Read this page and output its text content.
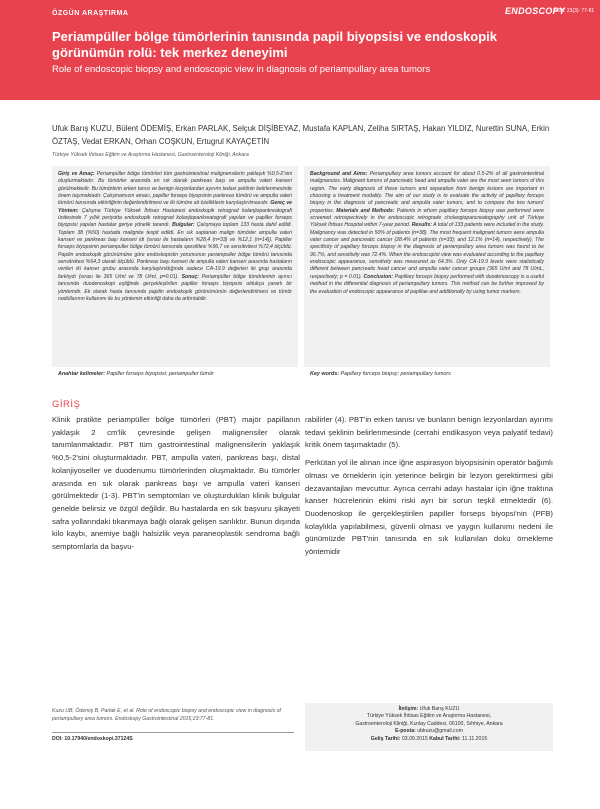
ÖZGÜN ARAŞTIRMA	ENDOSCOPY
2015; 23(3): 77-81
Periampüller bölge tümörlerinin tanısında papil biyopsisi ve endoskopik görünümün rolü: tek merkez deneyimi
Role of endoscopic biopsy and endoscopic view in diagnosis of periampullary area tumors
Ufuk Barış KUZU, Bülent ÖDEMİŞ, Erkan PARLAK, Selçuk DİŞİBEYAZ, Mustafa KAPLAN, Zeliha SIRTAŞ, Hakan YILDIZ, Nurettin SUNA, Erkin ÖZTAŞ, Vedat ERKAN, Orhan COŞKUN, Ertugrul KAYAÇETİN
Türkiye Yüksek İhtisas Eğitim ve Araştırma Hastanesi, Gastroenteroloji Kliniği, Ankara
Giriş ve Amaç: Periampüller bölge tümörleri tüm gastrointestinal malignensilerin yaklaşık %0,5-2'sini oluşturmaktadır. Bu tümörler arasında en sık olarak pankreas başı ve ampulla vateri kanseri görülmektedir. Bu tümörlerin erken tanısı ve benign lezyonlardan ayırımı tedavi şeklinin belirlenmesinde önem taşımaktadır. Çalışmamızın amacı, papiller forseps biyopsinin pankreas tümörü ve ampulla vateri tümörü tanısında etkinliğinin değerlendirilmesi ve iki tümöre ait özelliklerin karşılaştırılmasıdır. Gereç ve Yöntem: Çalışma Türkiye Yüksek İhtisas Hastanesi endoskopik retrograd kolanjiopankreatografi ünitesinde 7 yıllık periyotta endoskopik retrograd kolanjiopankreatografi yapılan ve papiller forseps biyopsisi yapılan hastalar geriye yönelik tarandı. Bulgular: Çalışmaya toplam 133 hasta dahil edildi. Toplam 38 (%50) hastada malignite tespit edildi. En sık saptanan malign tümörler ampulla vateri kanseri ve pankreas başı kanseri idi (sırası ile hastaların %28,4 (n=33) ve %12,1 (n=14)). Papiller forseps biyopsinin periampuller bölge tümörü tanısında spesifitesi %96,7 ve sensitivitesi %72,4 ölçüldü. Papilin endoskopik görünümüne göre endoskopistin yorumunun periampuller bölge tümörü tanısında sensitivitesi %64,3 olarak ölçüldü. Pankreas başı kanseri ile ampulla vateri kanseri arasında hastaların verileri iki kanser grubu arasında karşılaştırıldığında sadece CA-19.9 değerleri iki grup arasında farklıydı (sırası ile 365 U/ml ve 78 U/ml, p=0.01). Sonuç: Periampüller bölge tümörlerinin ayırıcı tanısında duodenoskopi eşliğinde gerçekleştirilen papiller forseps biyopsisi oldukça yararlı bir yöntemdir. Ek olarak hasta tanısında papilin endoskopik görünümünün değerlendirilmesi ve tümör nodüllarının kullanımı ile bu yöntemin etkinliği daha da arttırılabilir.
Background and Aims: Periampullary area tumors account for about 0.5-2% of all gastrointestinal malignancies. Malignant tumors of pancreatic head and ampulla vater are the most seen tumors of this region. The early diagnosis of these tumors and separation from benign lesions are important in choosing a treatment modality. The aim of our study is to evaluate the activity of papillary forceps biopsy in the diagnosis of pancreatic and ampulla vater tumors, and to compare the two tumors' properties. Materials and Methods: Patients in whom papillary forceps biopsy was performed were screened retrospectively in the endoscopic retrograde cholangiopancreatography unit of Türkiye Yüksek İhtisas Hospital within 7-year period. Results: A total of 133 patients were included in the study. Malignancy was detected in 50% of patients (n=38). The most frequent malignant tumors were ampulla vater cancer and pancreatic cancer (28.4% of patients (n=33); and 12.1% (n=14), respectively). The specificity of papillary forceps biopsy in the diagnosis of periampullary area tumors was found to be 96.7%, and sensitivity was 72.4%. When the endoscopist view was evaluated according to the papillary endoscopic appearance, sensitivity was measured as 64.3%. Only CA-19.9 levels were statistically different between pancreatic head cancer and ampulla vater cancer groups (365 U/ml and 78 U/mL, respectively; p = 0.01). Conclusion: Papillary forceps biopsy performed with duodenoscopy is a useful method in the differential diagnosis of periampullary tumors. This method can be further improved by the evaluation of endoscopic appearance of papillae and additionally by using tumor markers.
Anahtar kelimeler: Papiller forseps biyopsisi; periampuller tümör	Key words: Papillary forceps biopsy; periampullary tumors
GİRİŞ

Klinik pratikte periampüller bölge tümörleri (PBT) majör papillanın yaklaşık 2 cm'lik çevresinde gelişen malignensiler olarak tanımlanmaktadır. PBT tüm gastrointestinal malignensilerin yaklaşık %0,5-2'sini oluşturmaktadır. PBT, ampulla vateri, pankreas başı, distal kolanjiyoseller ve duodenumu tümörlerinden oluşmaktadır. Bu tümörler arasında en sık olarak pankreas başı ve ampulla vateri kanseri görülmektedir (1-3). PBT'in semptomları ve oluşturdukları klinik bulgular genelde belirsiz ve özgül değildir. Bu hastalarda en sık başvuru şikayeti safra yollarındaki tıkanmaya bağlı olarak gelişen sarılıktır. Bunun dışında kilo kaybı, anemiye bağlı halsizlik veya paraneoplastik sendroma bağlı semptomlarla da başvu-

rabilirler (4). PBT'in erken tanısı ve bunların benign lezyonlardan ayırımı tedavi şeklinin belirlenmesinde (cerrahi endikasyon veya palyatif tedavi) kritik önem taşımaktadır (5).

Perkütan yol ile alınan ince iğne aspirasyon biyopsisinin operatör bağımlı olması ve örneklerin için yeterince belirgin bir lezyon gerektirmesi gibi dezavantajları mevcuttur. Ayrıca cerrahi adayı hastalar için iğne traktına kanser hücrelerinin ekimi riski ayrı bir sorun teşkil etmektedir (6). Duodenoskop ile gerçekleştirilen papiller forseps biyopsi'nin (PFB) kolaylıkla yapılabilmesi, güvenli olması ve yaygın kullanımı nedeni ile günümüzde PBT'nin tanısında en sık kullanılan doku örnekleme yöntemidir

Kuzu UB, Ödemiş B, Parlak E, et al. Role of endoscopic biopsy and endoscopic view in diagnosis of periampullary area tumors. Endoskopy Gastrointestinal 2015;23:77-81.
DOI: 10.17940/endoskopi.37124S
İletişim: Ufuk Barış KUZU
Türkiye Yüksek İhtisas Eğitim ve Araştırma Hastanesi,
Gastroenteroloji Kliniği, Kızılay Caddesi, 06100, Sıhhiye, Ankara
E-posta: ubkuzu@gmail.com
Geliş Tarihi: 03.09.2015 Kabul Tarihi: 11.11.2015
